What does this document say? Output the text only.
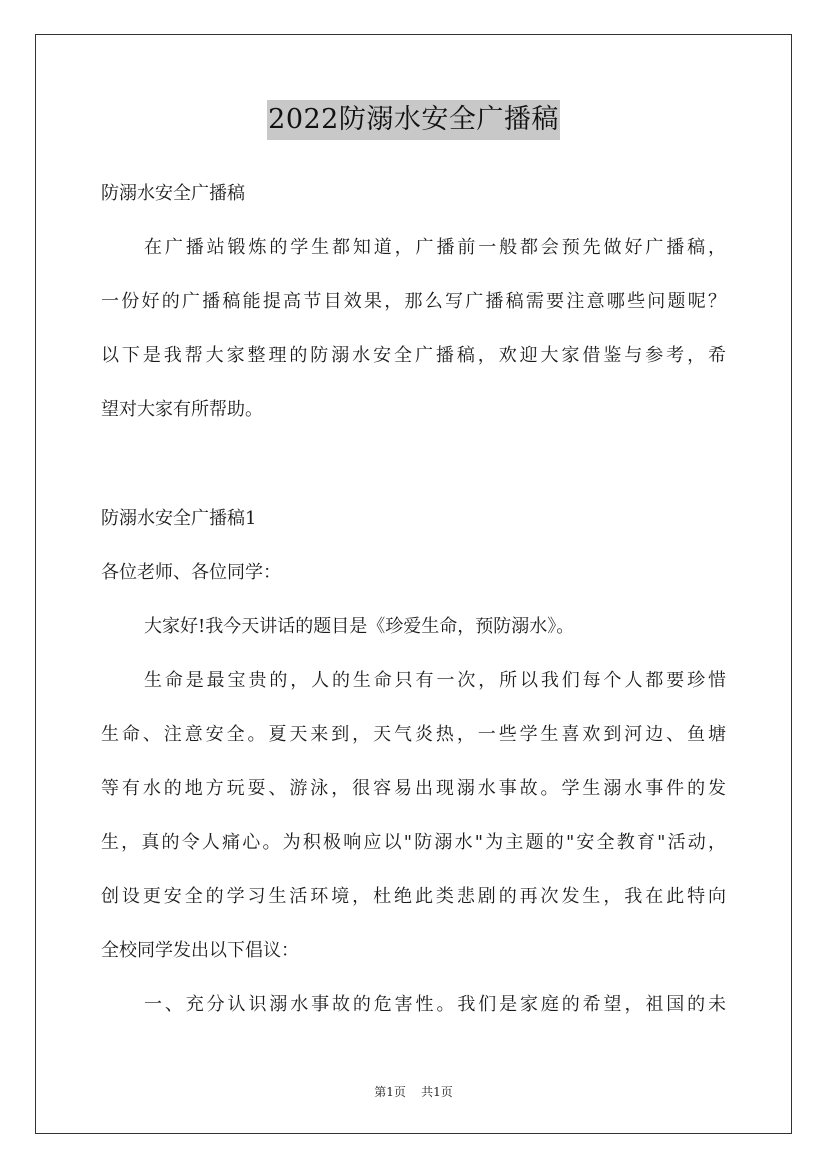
2022防溺水安全广播稿
防溺水安全广播稿
在广播站锻炼的学生都知道，广播前一般都会预先做好广播稿，
一份好的广播稿能提高节目效果，那么写广播稿需要注意哪些问题呢？
以下是我帮大家整理的防溺水安全广播稿，欢迎大家借鉴与参考，希
望对大家有所帮助。
防溺水安全广播稿1
各位老师、各位同学：
大家好!我今天讲话的题目是《珍爱生命，预防溺水》。
生命是最宝贵的，人的生命只有一次，所以我们每个人都要珍惜
生命、注意安全。夏天来到，天气炎热，一些学生喜欢到河边、鱼塘
等有水的地方玩耍、游泳，很容易出现溺水事故。学生溺水事件的发
生，真的令人痛心。为积极响应以"防溺水"为主题的"安全教育"活动，
创设更安全的学习生活环境，杜绝此类悲剧的再次发生，我在此特向
全校同学发出以下倡议：
一、充分认识溺水事故的危害性。我们是家庭的希望，祖国的未
第1页 共1页
